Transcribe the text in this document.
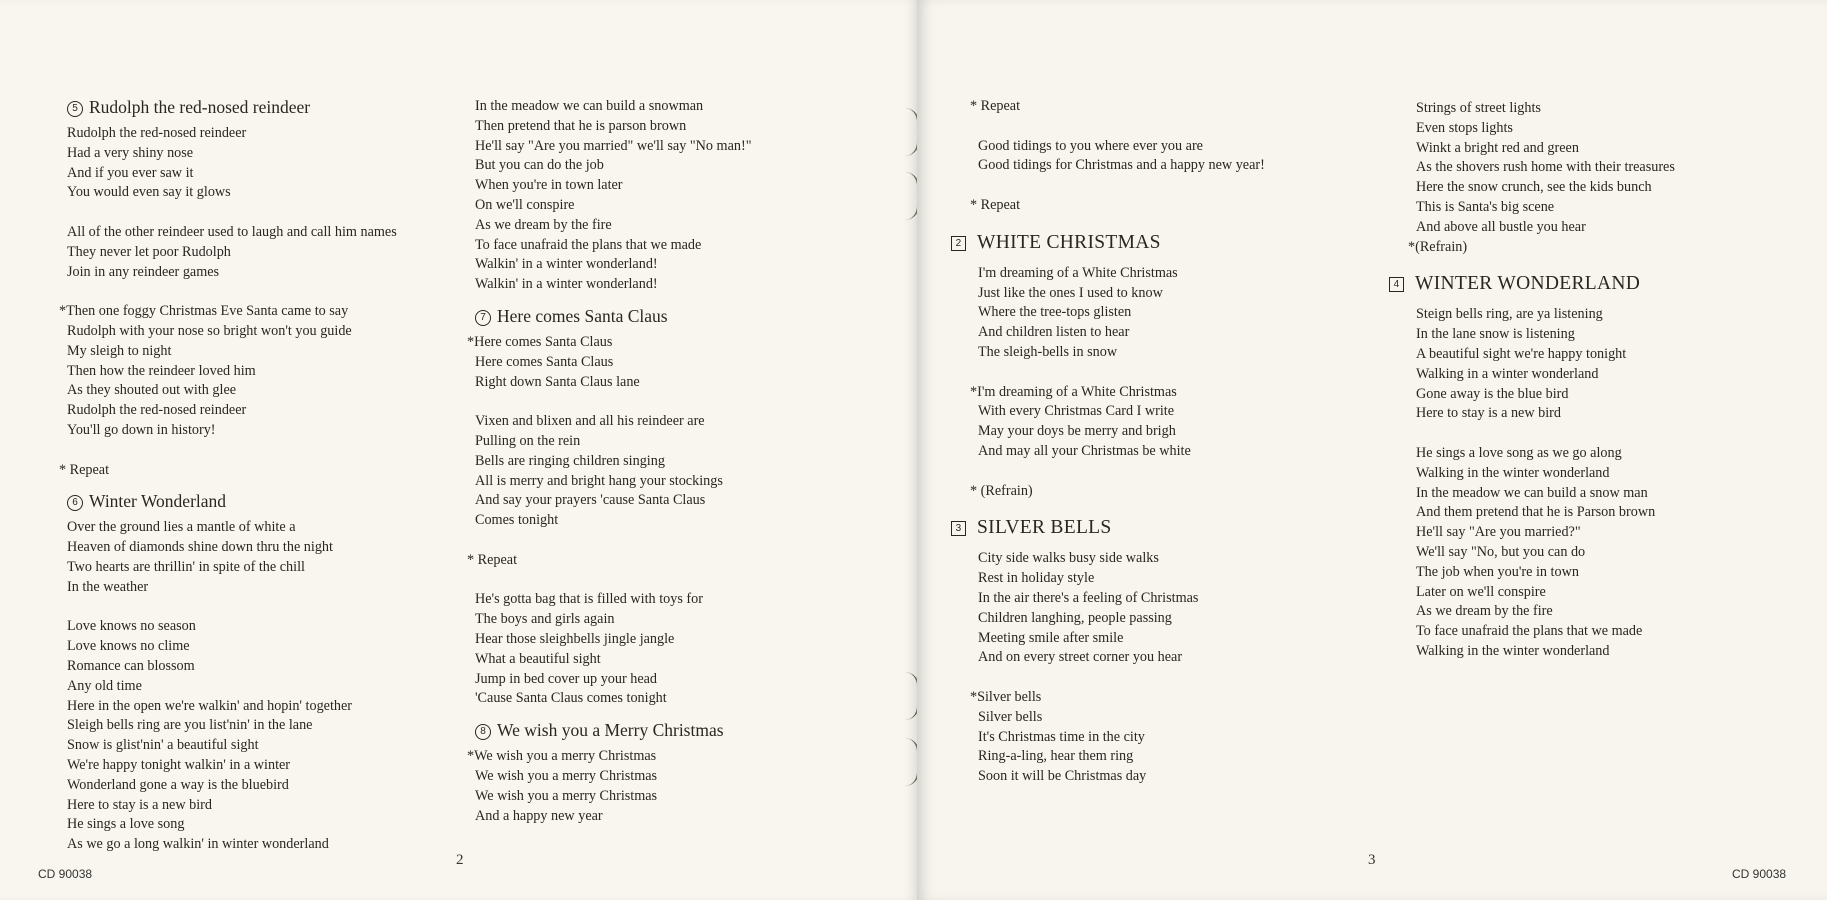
5 Rudolph the red-nosed reindeer
Rudolph the red-nosed reindeer
Had a very shiny nose
And if you ever saw it
You would even say it glows
All of the other reindeer used to laugh and call him names
They never let poor Rudolph
Join in any reindeer games
*Then one foggy Christmas Eve Santa came to say
Rudolph with your nose so bright won't you guide
My sleigh to night
Then how the reindeer loved him
As they shouted out with glee
Rudolph the red-nosed reindeer
You'll go down in history!
* Repeat
6 Winter Wonderland
Over the ground lies a mantle of white a
Heaven of diamonds shine down thru the night
Two hearts are thrillin' in spite of the chill
In the weather
Love knows no season
Love knows no clime
Romance can blossom
Any old time
Here in the open we're walkin' and hopin' together
Sleigh bells ring are you list'nin' in the lane
Snow is glist'nin' a beautiful sight
We're happy tonight walkin' in a winter
Wonderland gone a way is the bluebird
Here to stay is a new bird
He sings a love song
As we go a long walkin' in winter wonderland
In the meadow we can build a snowman
Then pretend that he is parson brown
He'll say "Are you married" we'll say "No man!"
But you can do the job
When you're in town later
On we'll conspire
As we dream by the fire
To face unafraid the plans that we made
Walkin' in a winter wonderland!
Walkin' in a winter wonderland!
7 Here comes Santa Claus
*Here comes Santa Claus
Here comes Santa Claus
Right down Santa Claus lane
Vixen and blixen and all his reindeer are
Pulling on the rein
Bells are ringing children singing
All is merry and bright hang your stockings
And say your prayers 'cause Santa Claus
Comes tonight
* Repeat
He's gotta bag that is filled with toys for
The boys and girls again
Hear those sleighbells jingle jangle
What a beautiful sight
Jump in bed cover up your head
'Cause Santa Claus comes tonight
8 We wish you a Merry Christmas
*We wish you a merry Christmas
We wish you a merry Christmas
We wish you a merry Christmas
And a happy new year
2
CD 90038
* Repeat
Good tidings to you where ever you are
Good tidings for Christmas and a happy new year!
* Repeat
2 WHITE CHRISTMAS
I'm dreaming of a White Christmas
Just like the ones I used to know
Where the tree-tops glisten
And children listen to hear
The sleigh-bells in snow
*I'm dreaming of a White Christmas
With every Christmas Card I write
May your doys be merry and brigh
And may all your Christmas be white
* (Refrain)
3 SILVER BELLS
City side walks busy side walks
Rest in holiday style
In the air there's a feeling of Christmas
Children langhing, people passing
Meeting smile after smile
And on every street corner you hear
*Silver bells
Silver bells
It's Christmas time in the city
Ring-a-ling, hear them ring
Soon it will be Christmas day
Strings of street lights
Even stops lights
Winkt a bright red and green
As the shovers rush home with their treasures
Here the snow crunch, see the kids bunch
This is Santa's big scene
And above all bustle you hear
*(Refrain)
4 WINTER WONDERLAND
Steign bells ring, are ya listening
In the lane snow is listening
A beautiful sight we're happy tonight
Walking in a winter wonderland
Gone away is the blue bird
Here to stay is a new bird
He sings a love song as we go along
Walking in the winter wonderland
In the meadow we can build a snow man
And them pretend that he is Parson brown
He'll say "Are you married?"
We'll say "No, but you can do
The job when you're in town
Later on we'll conspire
As we dream by the fire
To face unafraid the plans that we made
Walking in the winter wonderland
3
CD 90038
